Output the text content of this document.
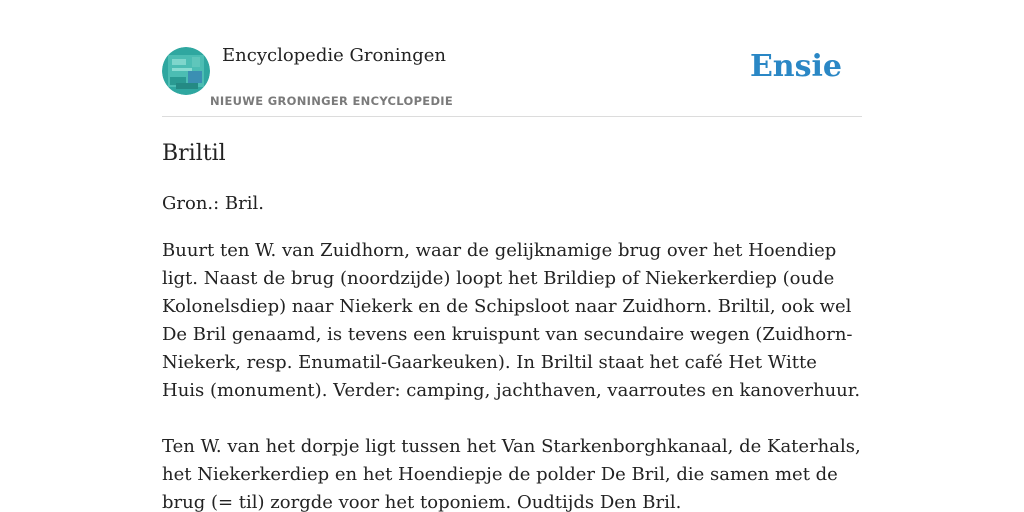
Encyclopedie Groningen
NIEUWE GRONINGER ENCYCLOPEDIE
Ensie
Briltil

Gron.: Bril.

Buurt ten W. van Zuidhorn, waar de gelijknamige brug over het Hoendiep ligt. Naast de brug (noordzijde) loopt het Brildiep of Niekerkerdiep (oude Kolonelsdiep) naar Niekerk en de Schipsloot naar Zuidhorn. Briltil, ook wel De Bril genaamd, is tevens een kruispunt van secundaire wegen (Zuidhorn-Niekerk, resp. Enumatil-Gaarkeuken). In Briltil staat het café Het Witte Huis (monument). Verder: camping, jachthaven, vaarroutes en kanoverhuur.

Ten W. van het dorpje ligt tussen het Van Starkenborghkanaal, de Katerhals, het Niekerkerdiep en het Hoendiepje de polder De Bril, die samen met de brug (= til) zorgde voor het toponiem. Oudtijds Den Bril.
